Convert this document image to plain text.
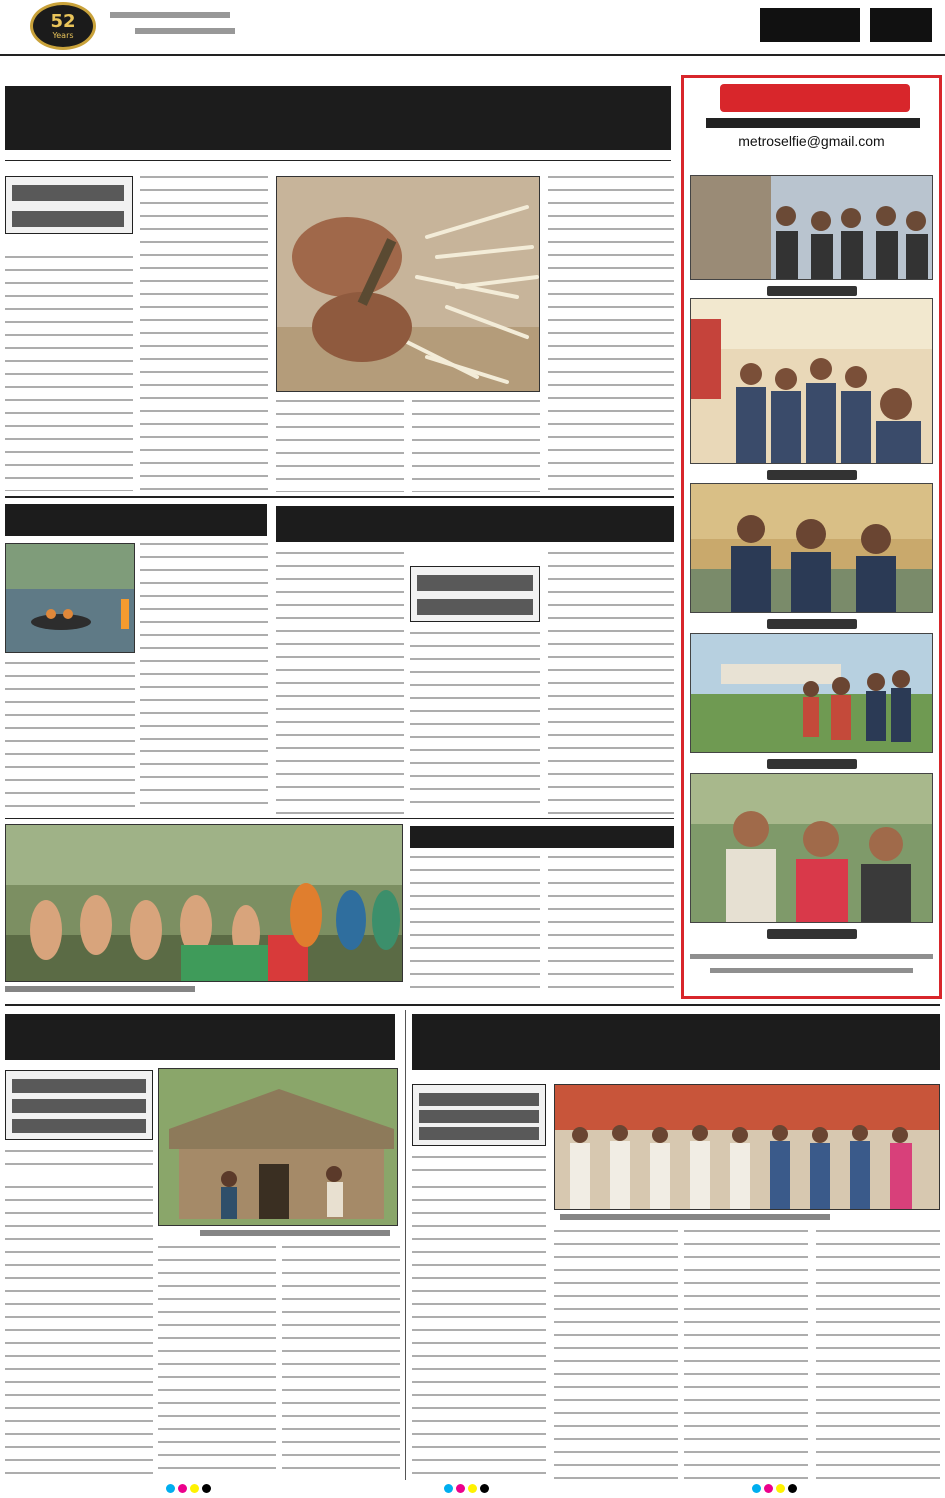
52
Years
metroselfie@gmail.com
